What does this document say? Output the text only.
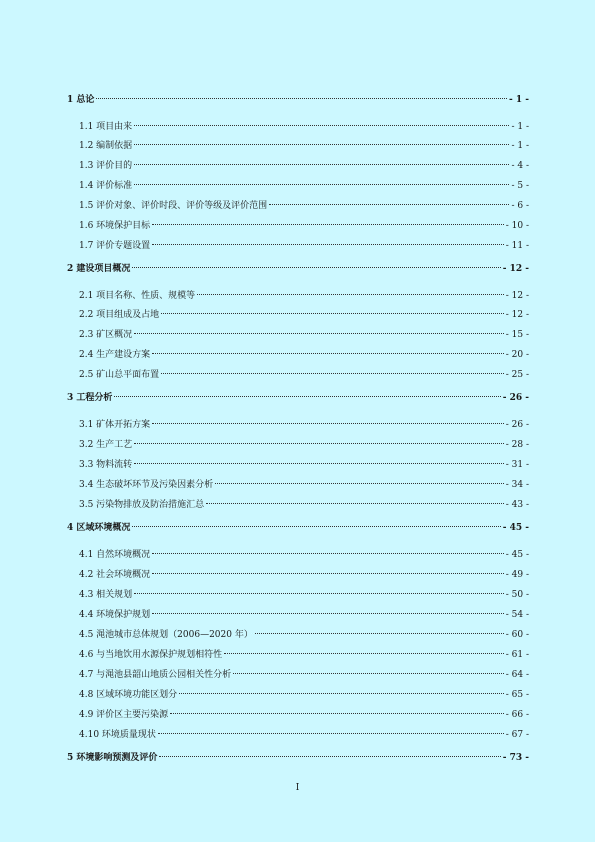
1 总论	- 1 -
1.1 项目由来	- 1 -
1.2 编制依据	- 1 -
1.3 评价目的	- 4 -
1.4 评价标准	- 5 -
1.5 评价对象、评价时段、评价等级及评价范围	- 6 -
1.6 环境保护目标	- 10 -
1.7 评价专题设置	- 11 -
2 建设项目概况	- 12 -
2.1 项目名称、性质、规模等	- 12 -
2.2 项目组成及占地	- 12 -
2.3 矿区概况	- 15 -
2.4 生产建设方案	- 20 -
2.5 矿山总平面布置	- 25 -
3 工程分析	- 26 -
3.1 矿体开拓方案	- 26 -
3.2 生产工艺	- 28 -
3.3 物料流转	- 31 -
3.4 生态破坏环节及污染因素分析	- 34 -
3.5 污染物排放及防治措施汇总	- 43 -
4 区域环境概况	- 45 -
4.1 自然环境概况	- 45 -
4.2 社会环境概况	- 49 -
4.3 相关规划	- 50 -
4.4 环境保护规划	- 54 -
4.5 渑池城市总体规划（2006—2020 年）	- 60 -
4.6 与当地饮用水源保护规划相符性	- 61 -
4.7 与渑池县韶山地质公园相关性分析	- 64 -
4.8 区域环境功能区划分	- 65 -
4.9 评价区主要污染源	- 66 -
4.10 环境质量现状	- 67 -
5 环境影响预测及评价	- 73 -
I
